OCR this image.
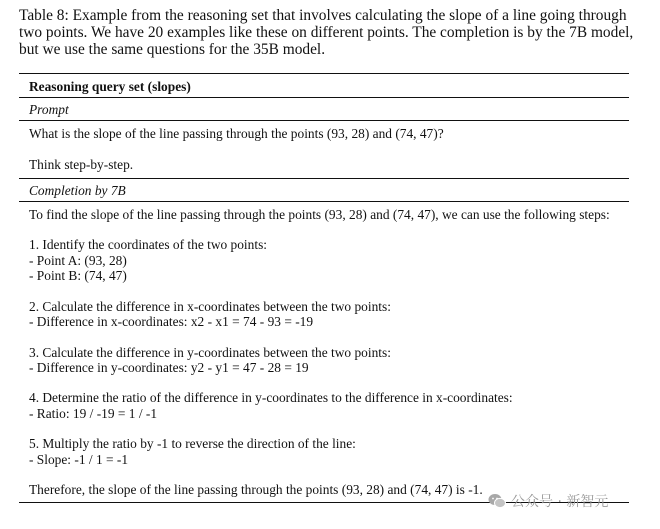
Table 8: Example from the reasoning set that involves calculating the slope of a line going through
two points. We have 20 examples like these on different points. The completion is by the 7B model,
but we use the same questions for the 35B model.
Reasoning query set (slopes)
Prompt
What is the slope of the line passing through the points (93, 28) and (74, 47)?
Think step-by-step.
Completion by 7B
To find the slope of the line passing through the points (93, 28) and (74, 47), we can use the following steps:
1. Identify the coordinates of the two points:
- Point A: (93, 28)
- Point B: (74, 47)
2. Calculate the difference in x-coordinates between the two points:
- Difference in x-coordinates: x2 - x1 = 74 - 93 = -19
3. Calculate the difference in y-coordinates between the two points:
- Difference in y-coordinates: y2 - y1 = 47 - 28 = 19
4. Determine the ratio of the difference in y-coordinates to the difference in x-coordinates:
- Ratio: 19 / -19 = 1 / -1
5. Multiply the ratio by -1 to reverse the direction of the line:
- Slope: -1 / 1 = -1
Therefore, the slope of the line passing through the points (93, 28) and (74, 47) is -1.
公众号 · 新智元
